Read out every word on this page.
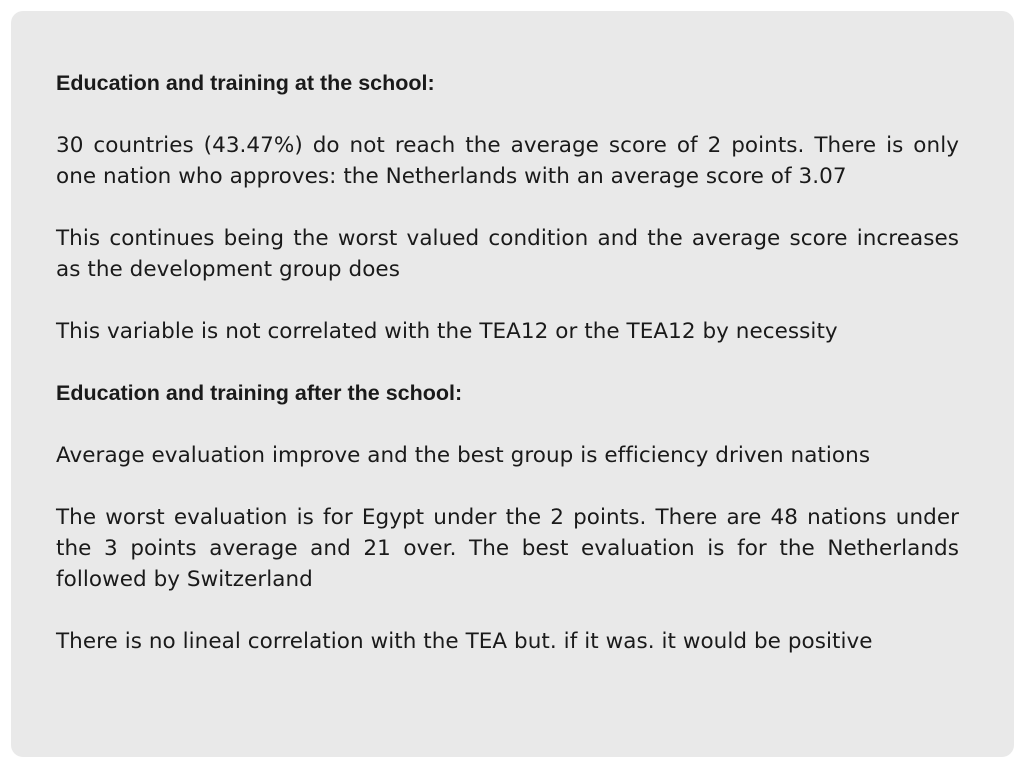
Education and training at the school:

30 countries (43.47%) do not reach the average score of 2 points. There is only one nation who approves: the Netherlands with an average score of 3.07

This continues being the worst valued condition and the average score increases as the development group does

This variable is not correlated with the TEA12 or the TEA12 by necessity

Education and training after the school:

Average evaluation improve and the best group is efficiency driven nations

The worst evaluation is for Egypt under the 2 points. There are 48 nations under the 3 points average and 21 over. The best evaluation is for the Netherlands followed by Switzerland

There is no lineal correlation with the TEA but. if it was. it would be positive
